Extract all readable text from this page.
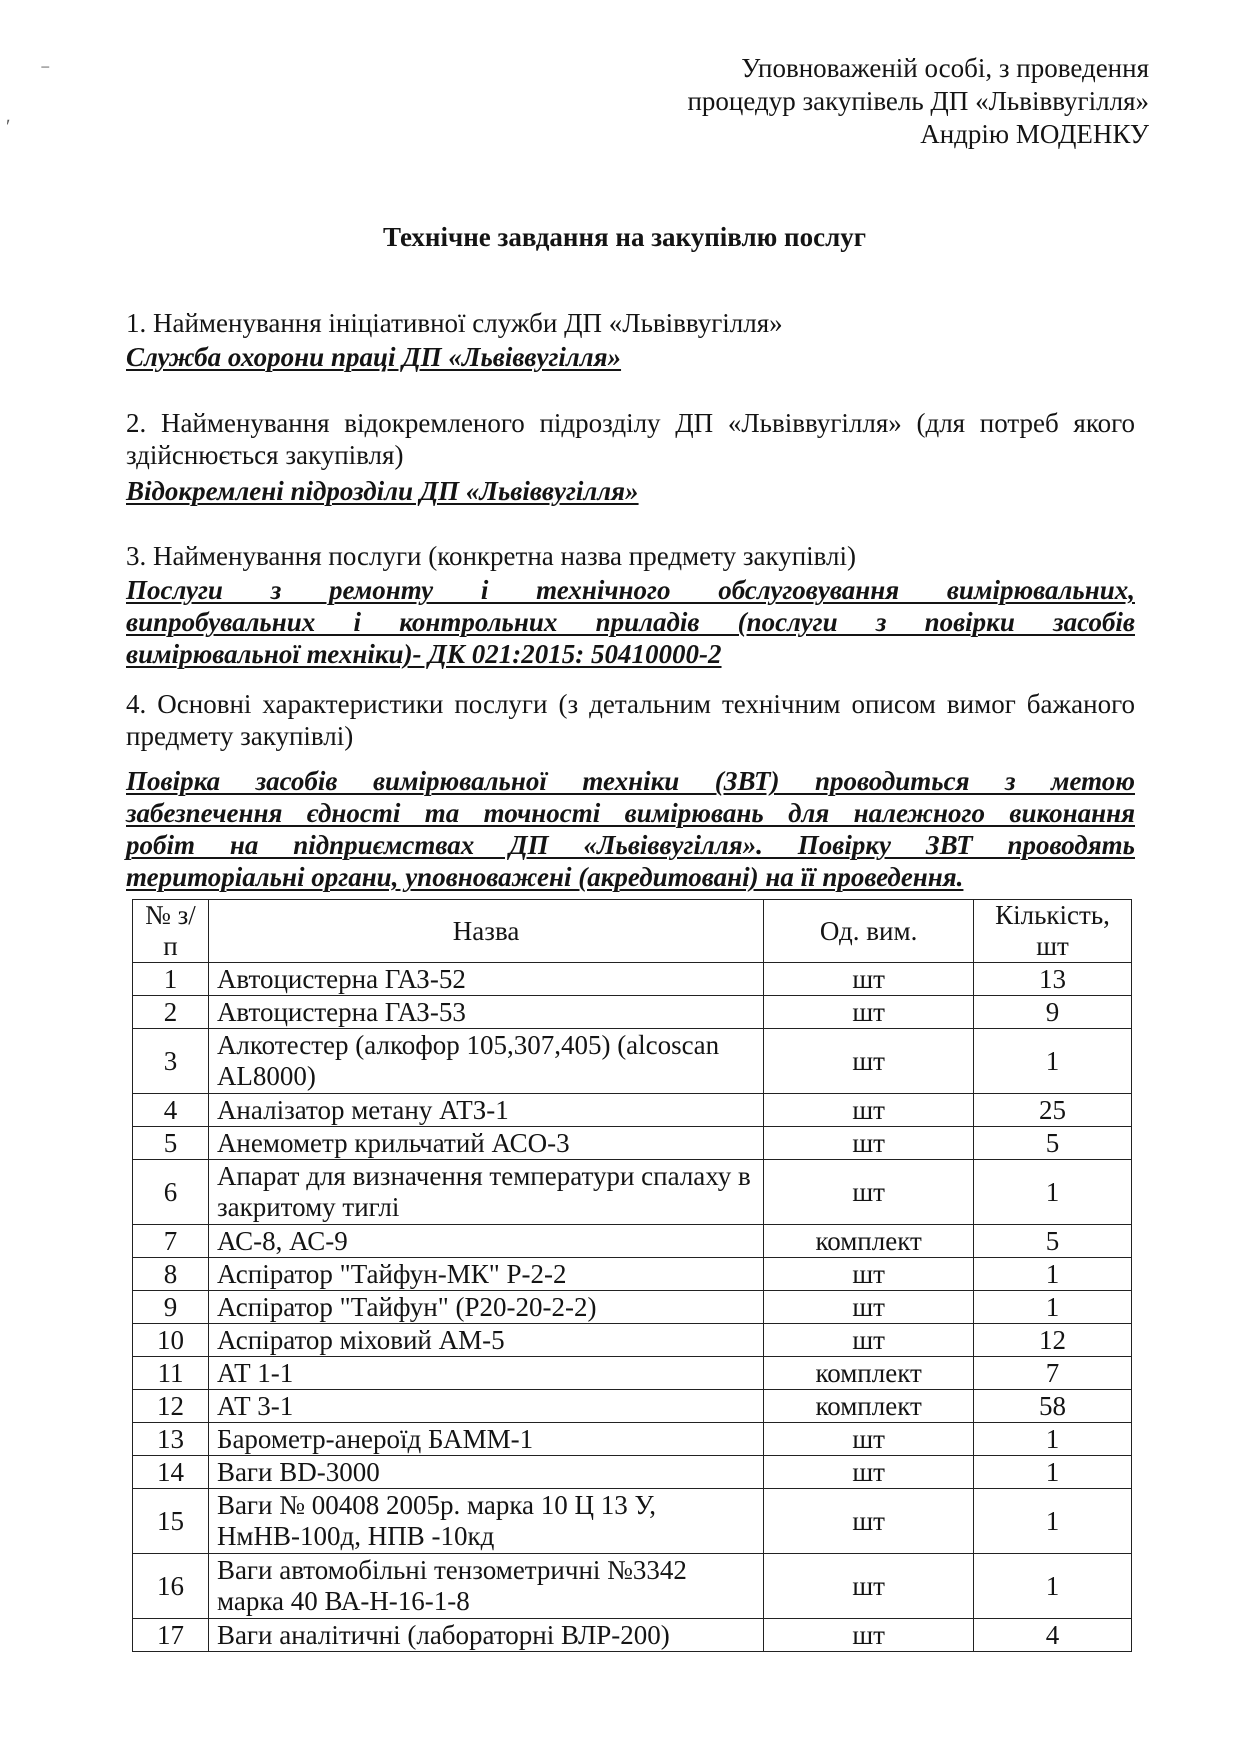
⁻
ʹ
Уповноваженій особі, з проведення
процедур закупівель ДП «Львіввугілля»
Андрію МОДЕНКУ
Технічне завдання на закупівлю послуг
1. Найменування ініціативної служби ДП «Львіввугілля»
Служба охорони праці ДП «Львіввугілля»
2. Найменування відокремленого підрозділу ДП «Львіввугілля» (для потреб якого здійснюється закупівля)
Відокремлені підрозділи ДП «Львіввугілля»
3. Найменування послуги (конкретна назва предмету закупівлі)
Послуги з ремонту і технічного обслуговування вимірювальних,
випробувальних і контрольних приладів (послуги з повірки засобів
вимірювальної техніки)- ДК 021:2015: 50410000-2
4. Основні характеристики послуги (з детальним технічним описом вимог бажаного предмету закупівлі)
Повірка засобів вимірювальної техніки (ЗВТ) проводиться з метою
забезпечення єдності та точності вимірювань для належного виконання
робіт на підприємствах ДП «Львіввугілля». Повірку ЗВТ проводять
територіальні органи, уповноважені (акредитовані) на її проведення.
№ з/п	Назва	Од. вим.	Кількість, шт
1	Автоцистерна ГАЗ-52	шт	13
2	Автоцистерна ГАЗ-53	шт	9
3	Алкотестер (алкофор 105,307,405) (alcoscan AL8000)	шт	1
4	Аналізатор метану АТЗ-1	шт	25
5	Анемометр крильчатий АСО-3	шт	5
6	Апарат для визначення температури спалаху в закритому тиглі	шт	1
7	АС-8, АС-9	комплект	5
8	Аспіратор "Тайфун-МК" Р-2-2	шт	1
9	Аспіратор "Тайфун" (Р20-20-2-2)	шт	1
10	Аспіратор міховий АМ-5	шт	12
11	АТ 1-1	комплект	7
12	АТ 3-1	комплект	58
13	Барометр-анероїд БАММ-1	шт	1
14	Ваги BD-3000	шт	1
15	Ваги № 00408 2005р. марка 10 Ц 13 У, НмНВ-100д, НПВ -10кд	шт	1
16	Ваги автомобільні тензометричні №3342 марка 40 ВА-Н-16-1-8	шт	1
17	Ваги аналітичні (лабораторні ВЛР-200)	шт	4
